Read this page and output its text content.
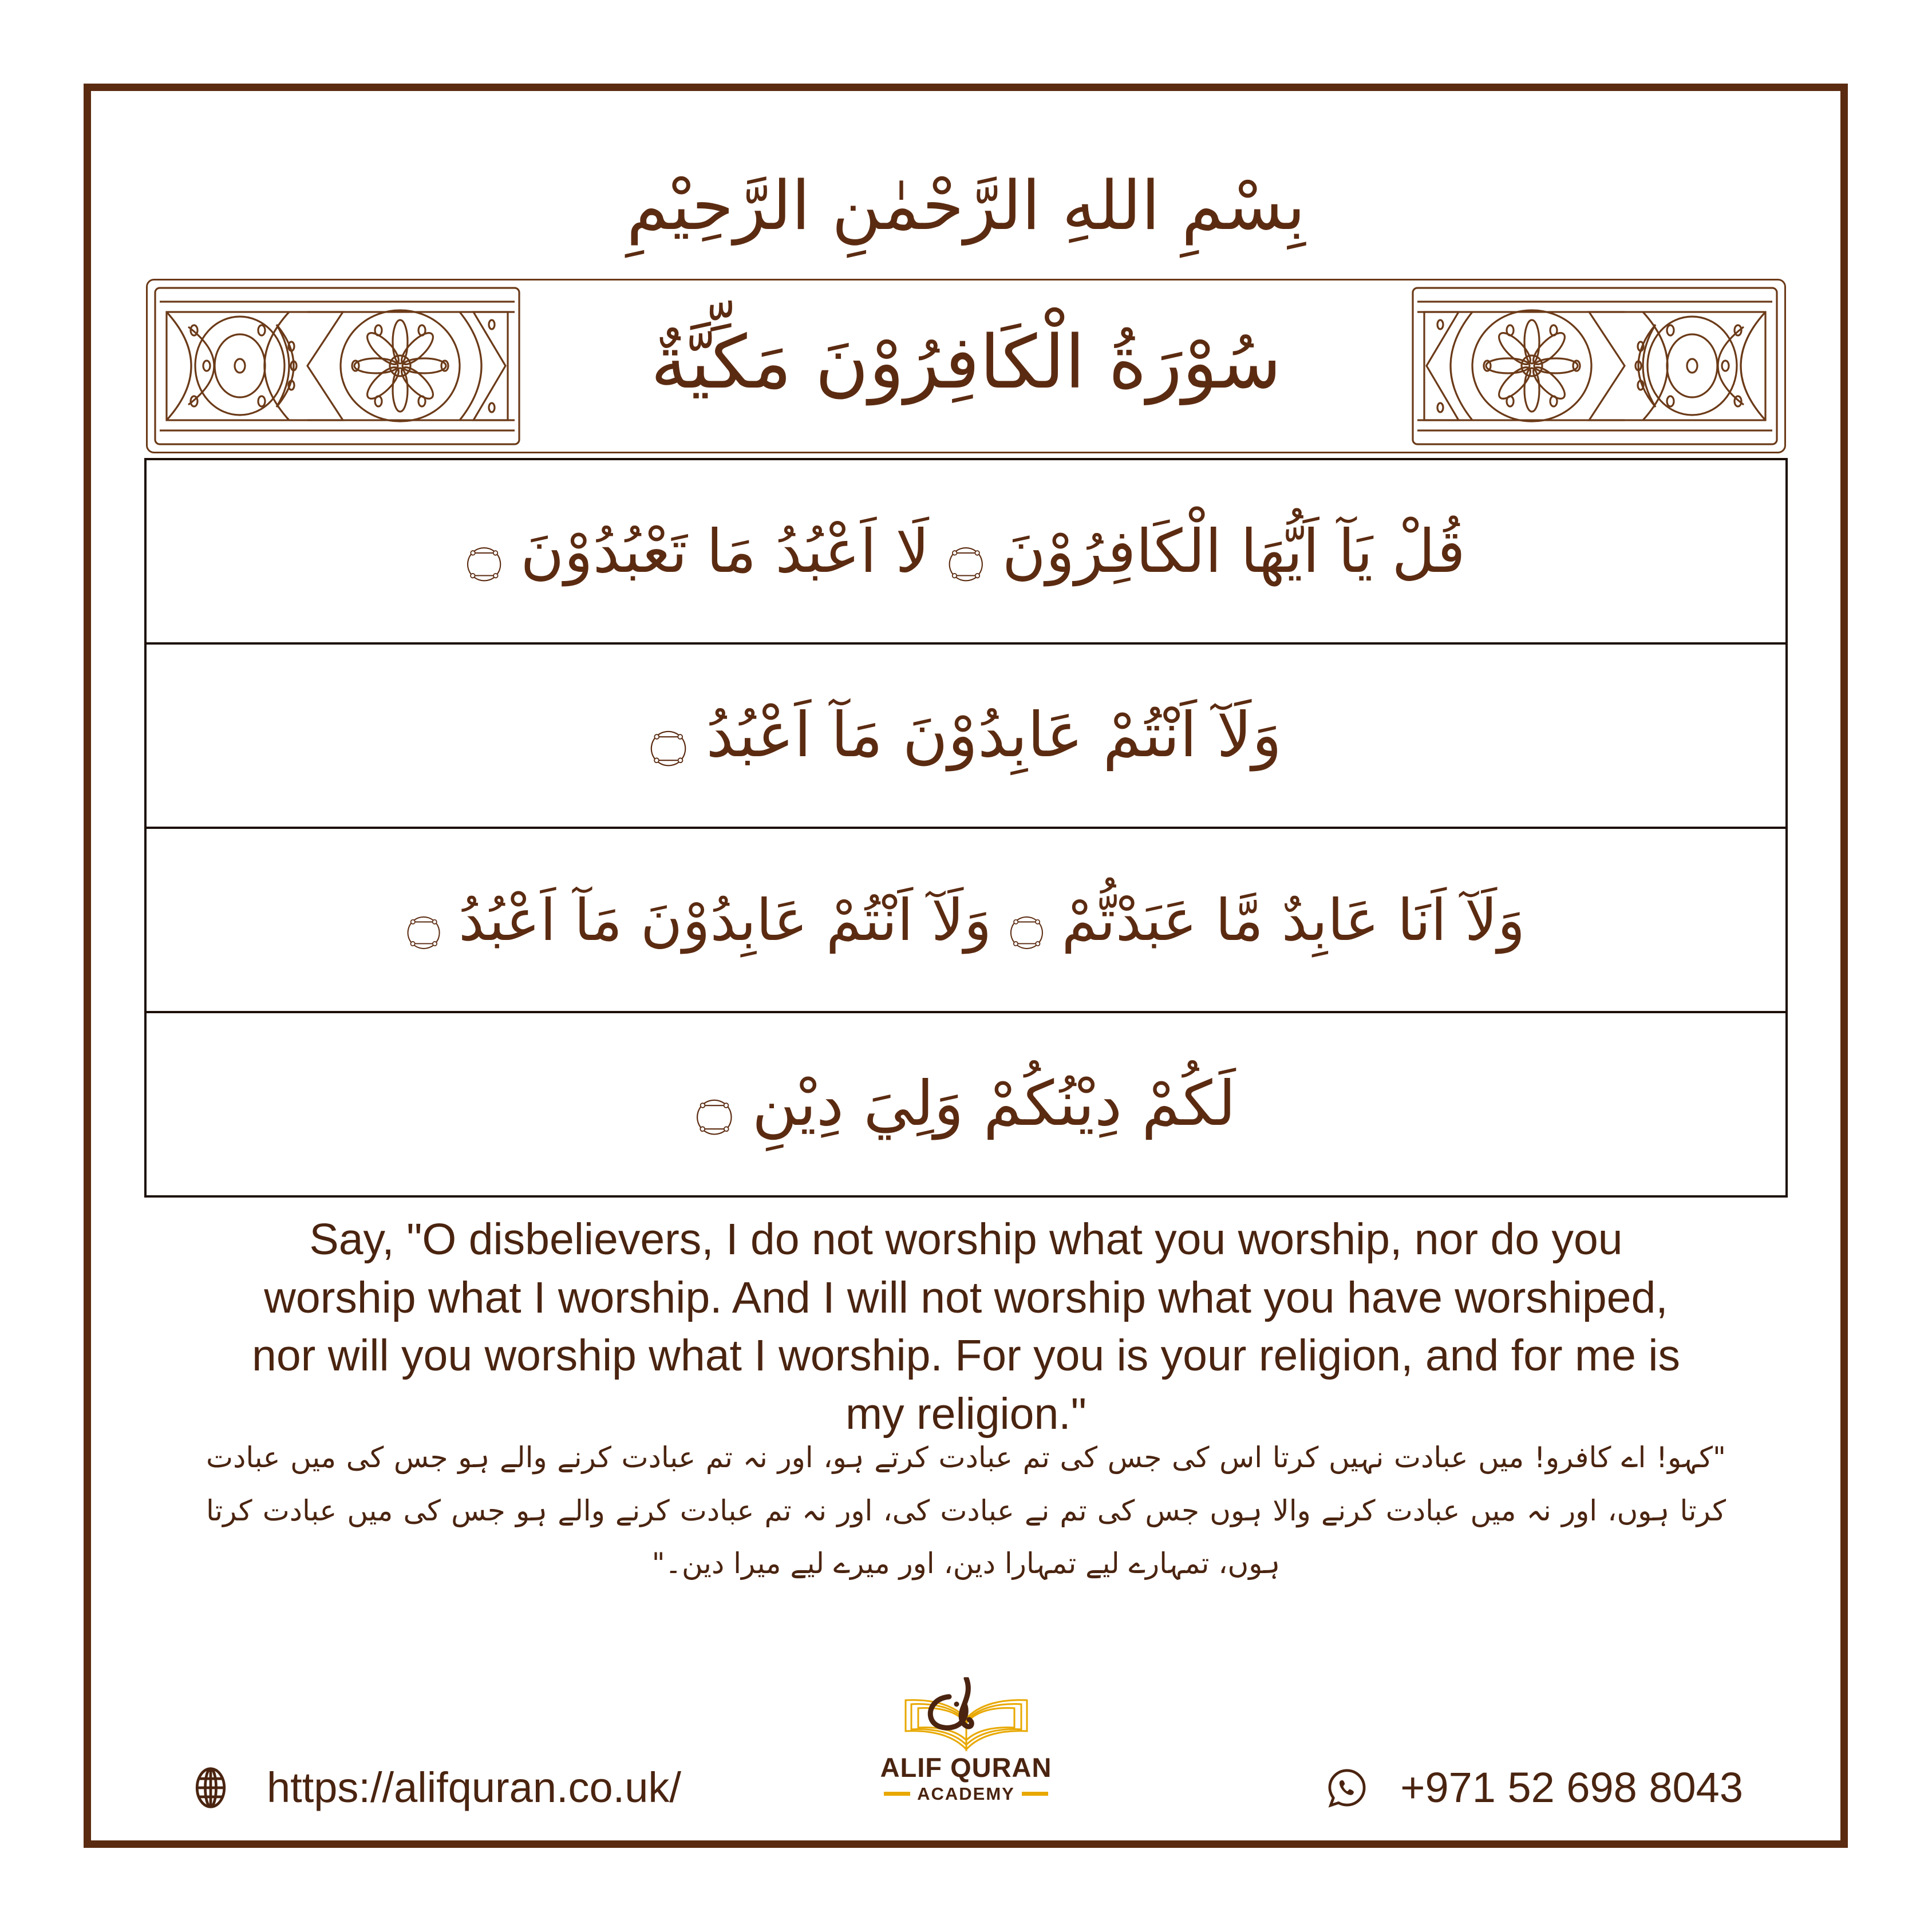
بِسْمِ اللهِ الرَّحْمٰنِ الرَّحِيْمِ
سُوْرَةُ الْكَافِرُوْنَ مَكِّيَّةٌ
قُلْ يَآ اَيُّهَا الْكَافِرُوْنَ ۝ لَا اَعْبُدُ مَا تَعْبُدُوْنَ ۝
وَلَآ اَنْتُمْ عَابِدُوْنَ مَآ اَعْبُدُ ۝
وَلَآ اَنَا عَابِدٌ مَّا عَبَدْتُّمْ ۝ وَلَآ اَنْتُمْ عَابِدُوْنَ مَآ اَعْبُدُ ۝
لَكُمْ دِيْنُكُمْ وَلِيَ دِيْنِ ۝
Say, "O disbelievers, I do not worship what you worship, nor do you worship what I worship. And I will not worship what you have worshiped, nor will you worship what I worship. For you is your religion, and for me is my religion."
"کہو! اے کافرو! میں عبادت نہیں کرتا اس کی جس کی تم عبادت کرتے ہو، اور نہ تم عبادت کرنے والے ہو جس کی میں عبادت کرتا ہوں، اور نہ میں عبادت کرنے والا ہوں جس کی تم نے عبادت کی، اور نہ تم عبادت کرنے والے ہو جس کی میں عبادت کرتا ہوں، تمہارے لیے تمہارا دین، اور میرے لیے میرا دین۔"
ALIF QURAN
ACADEMY
https://alifquran.co.uk/	+971 52 698 8043
